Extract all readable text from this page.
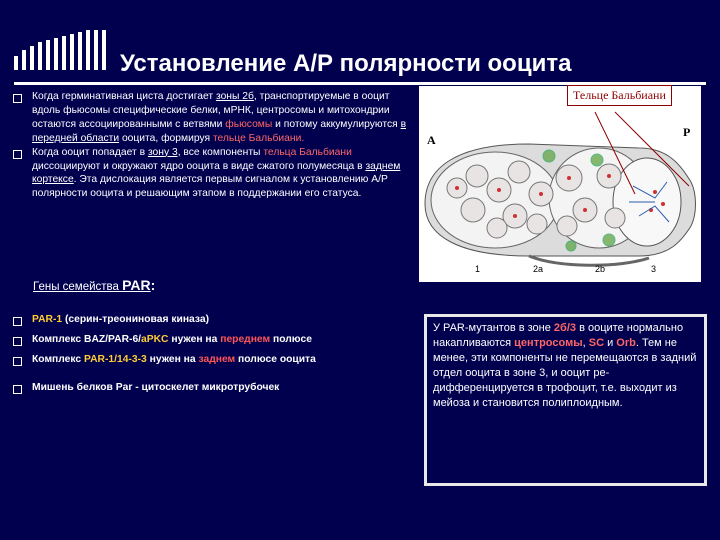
Установление А/Р полярности ооцита

Когда герминативная циста достигает зоны 2б, транспортируемые в ооцит вдоль фьюсомы специфические белки, мРНК, центросомы и митохондрии остаются ассоциированными с ветвями фьюсомы и потому аккумулируются в передней области ооцита, формируя тельце Бальбиани.

Когда ооцит попадает в зону 3, все компоненты тельца Бальбиани диссоциируют и окружают ядро ооцита в виде сжатого полумесяца в заднем кортексе. Эта дислокация является первым сигналом к установлению А/Р полярности ооцита и решающим этапом в поддержании его статуса.

Гены семейства PAR:
PAR-1 (серин-треониновая киназа)
Комплекс BAZ/PAR-6/aPKC нужен на переднем полюсе
Комплекс PAR-1/14-3-3 нужен на заднем полюсе ооцита
Мишень белков Par - цитоскелет микротрубочек
A
P
1	2a	2b	3
Тельце Бальбиани
У PAR-мутантов в зоне 2б/3 в ооците нормально накапливаются центросомы, SC и Orb. Тем не менее, эти компоненты не перемещаются в задний отдел ооцита в зоне 3, и ооцит ре-дифференцируется в трофоцит, т.е. выходит из мейоза и становится полиплоидным.
